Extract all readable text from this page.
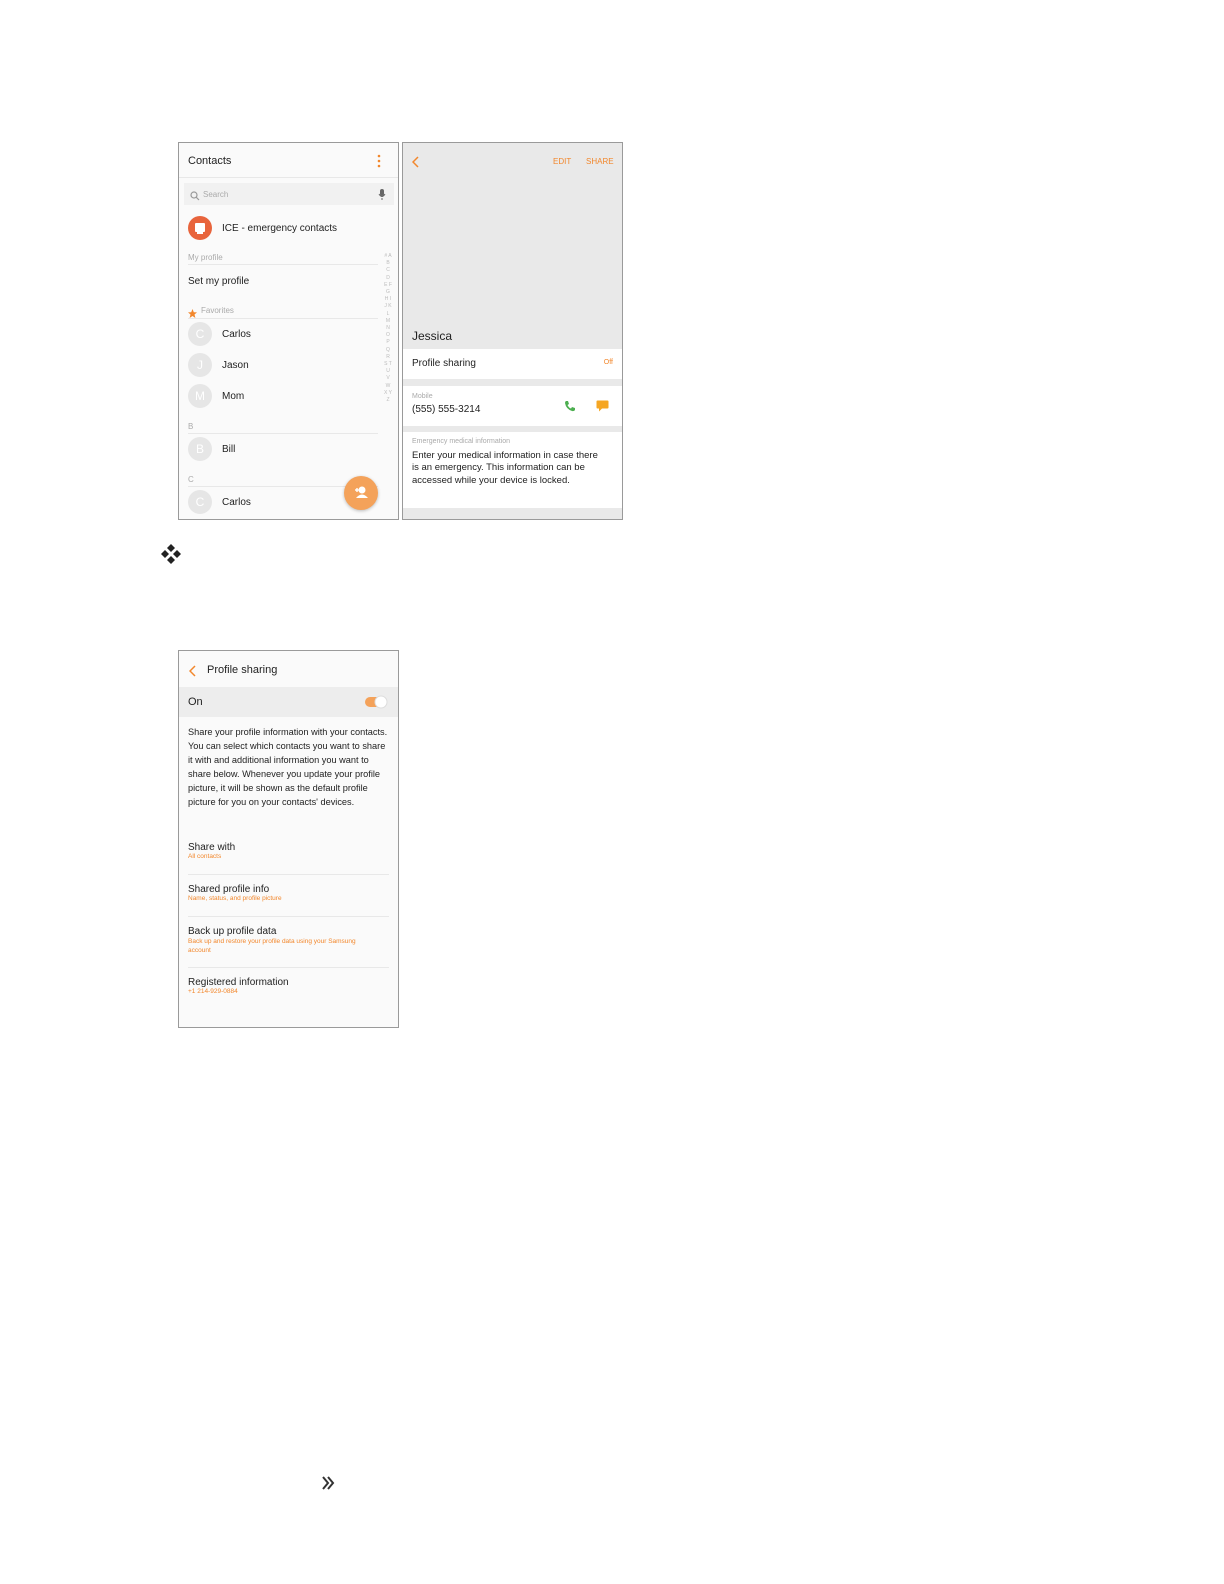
Contacts
Search
ICE - emergency contacts
My profile
Set my profile
Favorites
C	Carlos
J	Jason
M	Mom
B
B	Bill
C
C	Carlos
# A B C D E F G H I J K L M N O P Q R S T U V W X Y Z
EDIT SHARE
Jessica
Profile sharing	Off
Mobile
(555) 555-3214
Emergency medical information
Enter your medical information in case there is an emergency. This information can be accessed while your device is locked.
Profile sharing
On
Share your profile information with your contacts. You can select which contacts you want to share it with and additional information you want to share below. Whenever you update your profile picture, it will be shown as the default profile picture for you on your contacts' devices.
Share with
All contacts
Shared profile info
Name, status, and profile picture
Back up profile data
Back up and restore your profile data using your Samsung account
Registered information
+1 214-929-0884
